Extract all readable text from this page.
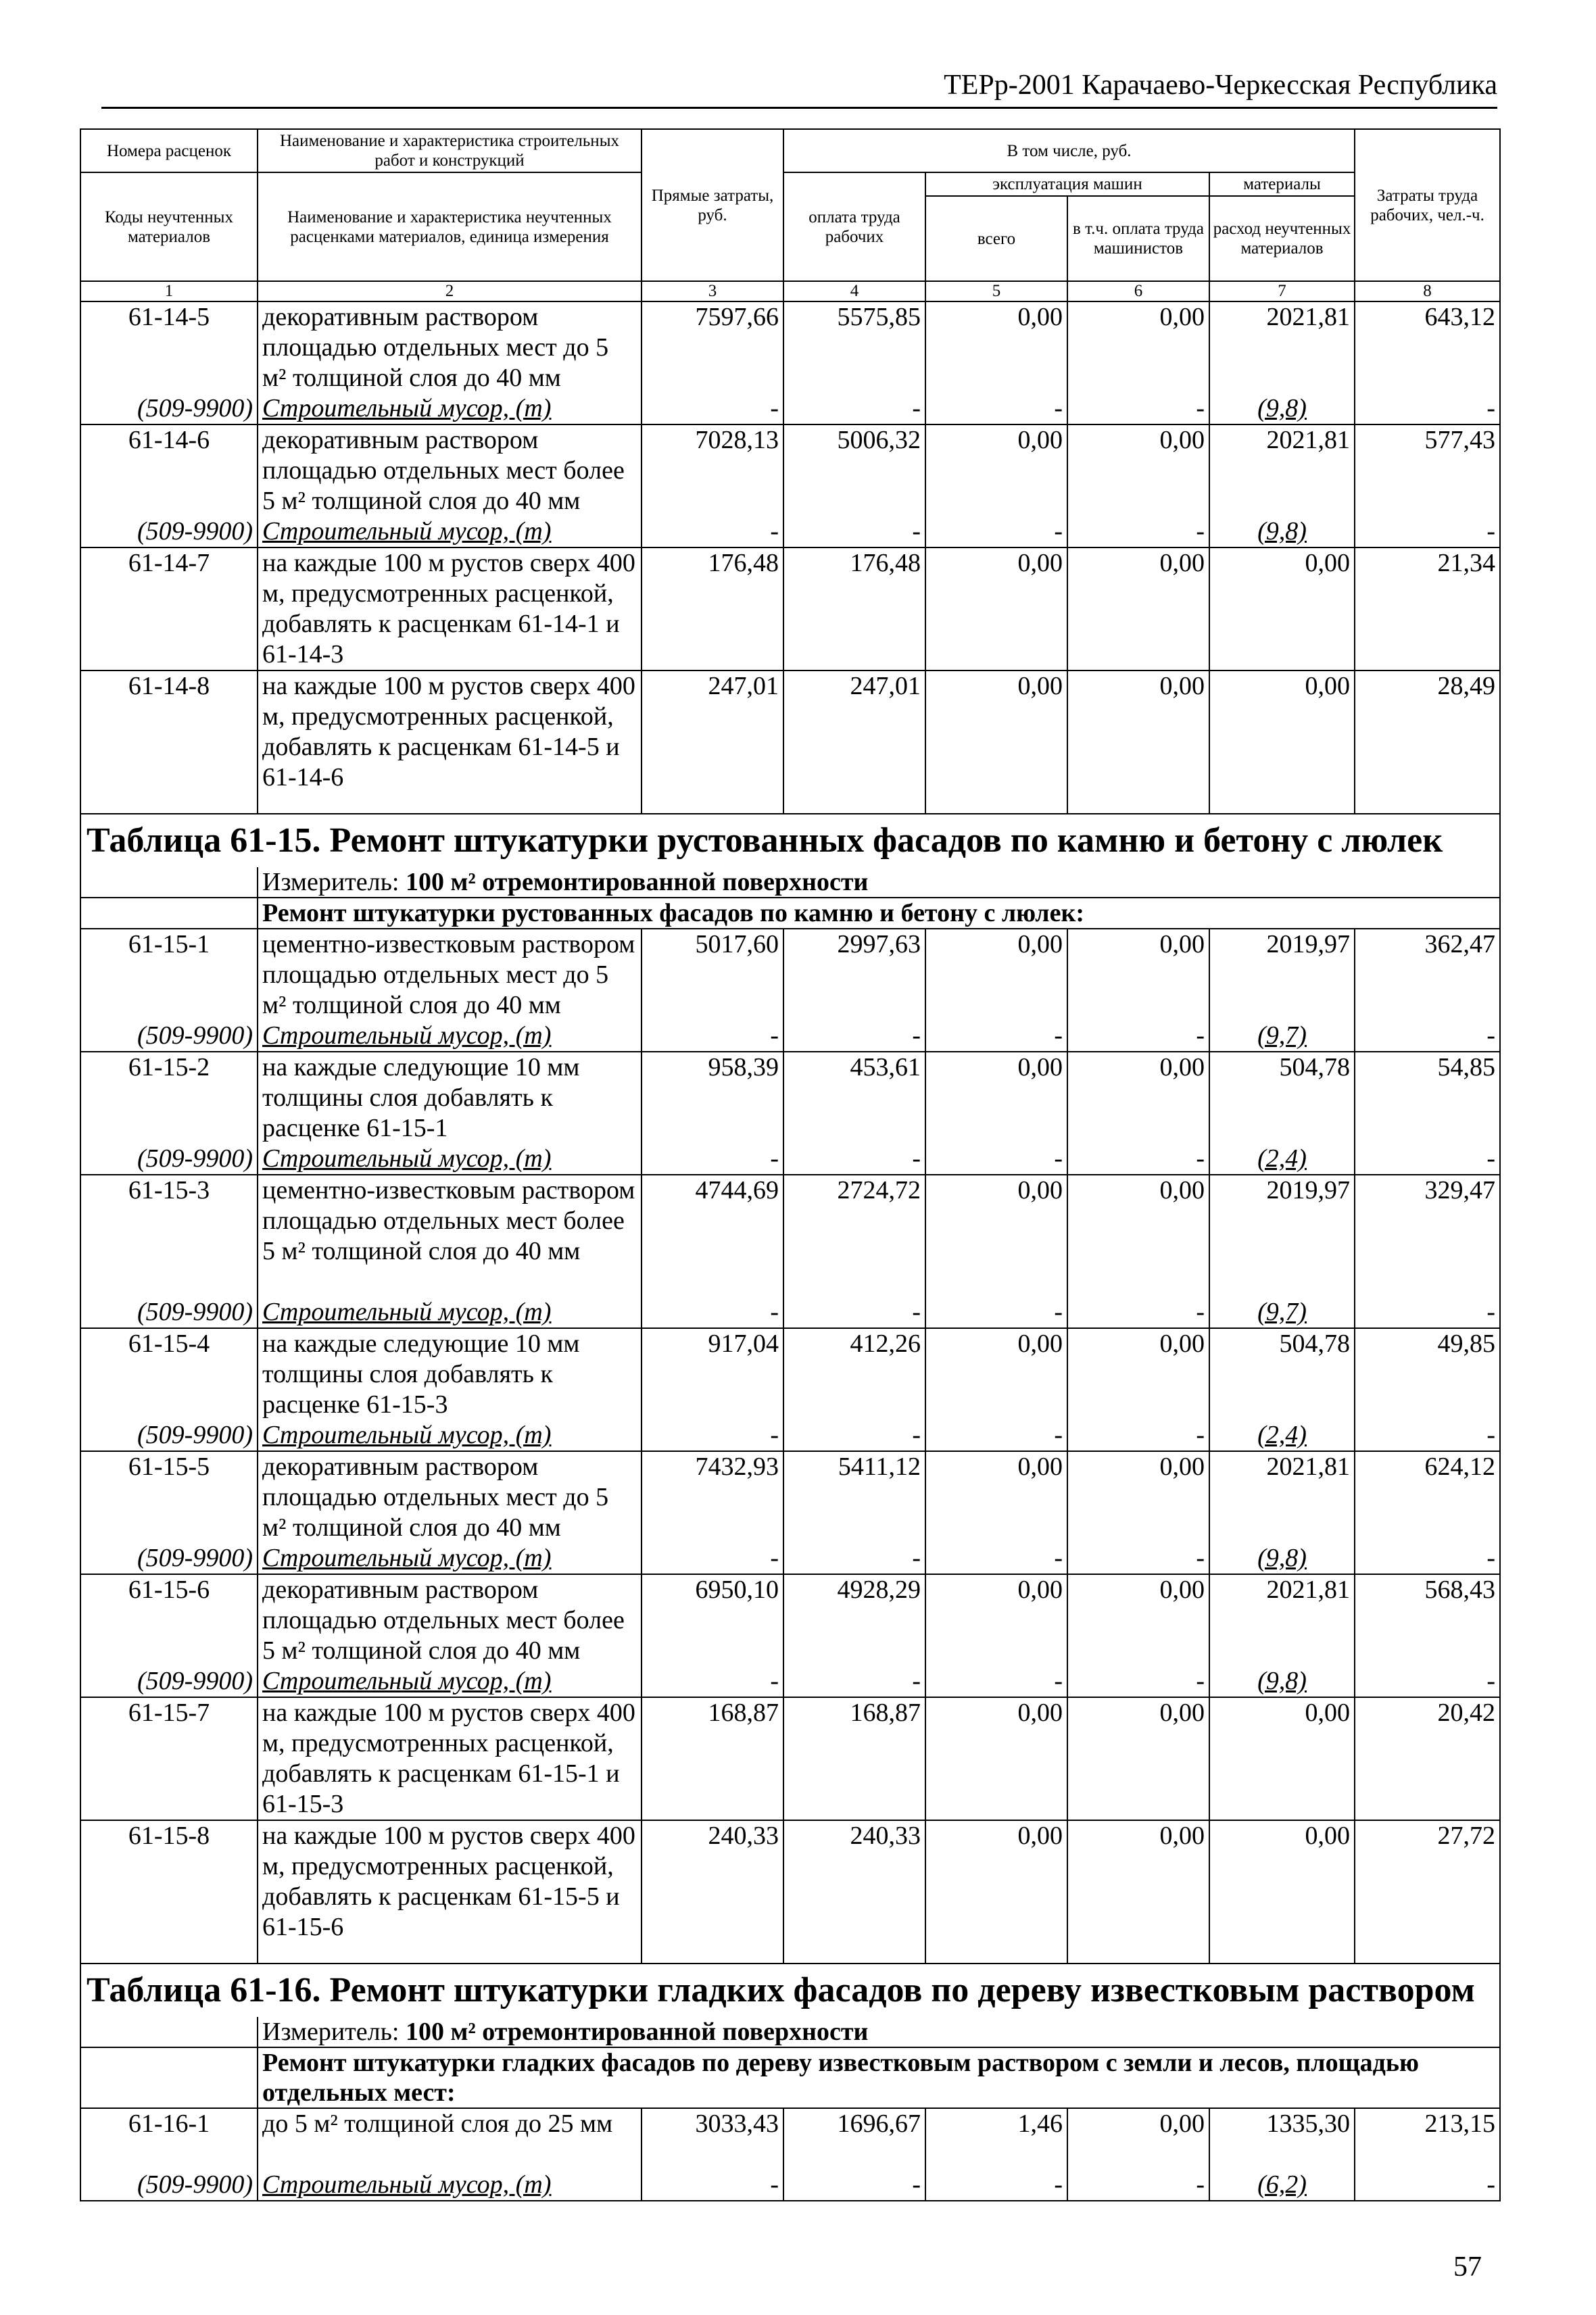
ТЕРр-2001 Карачаево-Черкесская Республика
Номера расценок	Наименование и характеристика строительных работ и конструкций	Прямые затраты, руб.	В том числе, руб.				Затраты труда рабочих, чел.-ч.
Коды неучтенных материалов	Наименование и характеристика неучтенных расценками материалов, единица измерения		оплата труда рабочих	эксплуатация машин		материалы	
				всего	в т.ч. оплата труда машинистов	расход неучтенных материалов	
1	2	3	4	5	6	7	8
61-14-5	декоративным раствором площадью отдельных мест до 5 м² толщиной слоя до 40 мм	7597,66	5575,85	0,00	0,00	2021,81	643,12
(509-9900)	Строительный мусор, (т)	-	-	-	-	(9,8)	-
61-14-6	декоративным раствором площадью отдельных мест более 5 м² толщиной слоя до 40 мм	7028,13	5006,32	0,00	0,00	2021,81	577,43
(509-9900)	Строительный мусор, (т)	-	-	-	-	(9,8)	-
61-14-7	на каждые 100 м рустов сверх 400 м, предусмотренных расценкой, добавлять к расценкам 61-14-1 и 61-14-3	176,48	176,48	0,00	0,00	0,00	21,34
61-14-8	на каждые 100 м рустов сверх 400 м, предусмотренных расценкой, добавлять к расценкам 61-14-5 и 61-14-6	247,01	247,01	0,00	0,00	0,00	28,49

Таблица 61-15. Ремонт штукатурки рустованных фасадов по камню и бетону с люлек							
	Измеритель: 100 м² отремонтированной поверхности						
	Ремонт штукатурки рустованных фасадов по камню и бетону с люлек:						
61-15-1	цементно-известковым раствором площадью отдельных мест до 5 м² толщиной слоя до 40 мм	5017,60	2997,63	0,00	0,00	2019,97	362,47
(509-9900)	Строительный мусор, (т)	-	-	-	-	(9,7)	-
61-15-2	на каждые следующие 10 мм толщины слоя добавлять к расценке 61-15-1	958,39	453,61	0,00	0,00	504,78	54,85
(509-9900)	Строительный мусор, (т)	-	-	-	-	(2,4)	-
61-15-3	цементно-известковым раствором площадью отдельных мест более 5 м² толщиной слоя до 40 мм	4744,69	2724,72	0,00	0,00	2019,97	329,47
(509-9900)	Строительный мусор, (т)	-	-	-	-	(9,7)	-
61-15-4	на каждые следующие 10 мм толщины слоя добавлять к расценке 61-15-3	917,04	412,26	0,00	0,00	504,78	49,85
(509-9900)	Строительный мусор, (т)	-	-	-	-	(2,4)	-
61-15-5	декоративным раствором площадью отдельных мест до 5 м² толщиной слоя до 40 мм	7432,93	5411,12	0,00	0,00	2021,81	624,12
(509-9900)	Строительный мусор, (т)	-	-	-	-	(9,8)	-
61-15-6	декоративным раствором площадью отдельных мест более 5 м² толщиной слоя до 40 мм	6950,10	4928,29	0,00	0,00	2021,81	568,43
(509-9900)	Строительный мусор, (т)	-	-	-	-	(9,8)	-
61-15-7	на каждые 100 м рустов сверх 400 м, предусмотренных расценкой, добавлять к расценкам 61-15-1 и 61-15-3	168,87	168,87	0,00	0,00	0,00	20,42
61-15-8	на каждые 100 м рустов сверх 400 м, предусмотренных расценкой, добавлять к расценкам 61-15-5 и 61-15-6	240,33	240,33	0,00	0,00	0,00	27,72

Таблица 61-16. Ремонт штукатурки гладких фасадов по дереву известковым раствором							
	Измеритель: 100 м² отремонтированной поверхности						
	Ремонт штукатурки гладких фасадов по дереву известковым раствором с земли и лесов, площадью отдельных мест:						
61-16-1	до 5 м² толщиной слоя до 25 мм	3033,43	1696,67	1,46	0,00	1335,30	213,15
(509-9900)	Строительный мусор, (т)	-	-	-	-	(6,2)	-
57
